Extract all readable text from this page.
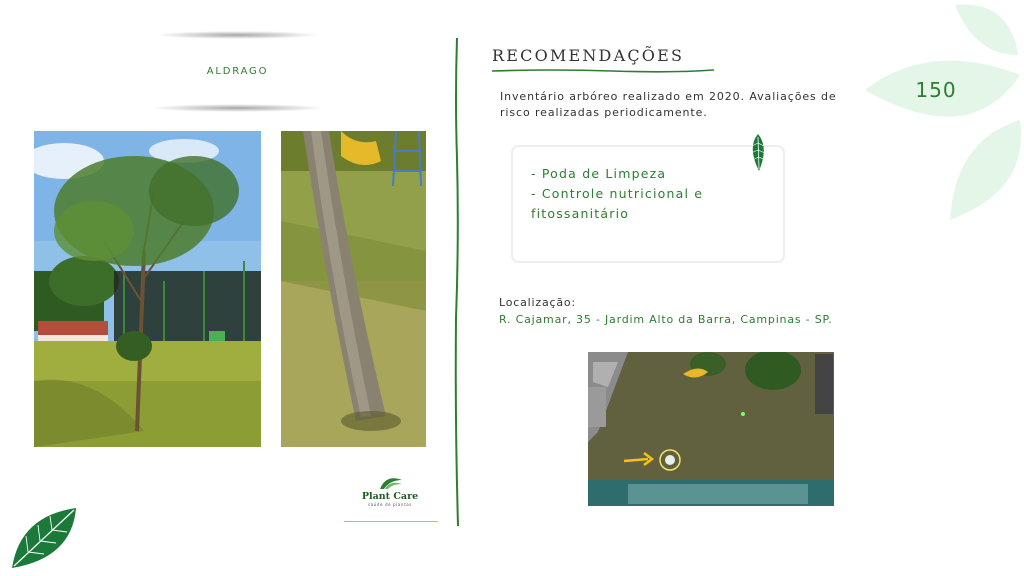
ALDRAGO
Plant Care
saúde de plantas
RECOMENDAÇÕES
Inventário arbóreo realizado em 2020. Avaliações de risco realizadas periodicamente.
- Poda de Limpeza
- Controle nutricional e fitossanitário
Localização:
R. Cajamar, 35 - Jardim Alto da Barra, Campinas - SP.
150
